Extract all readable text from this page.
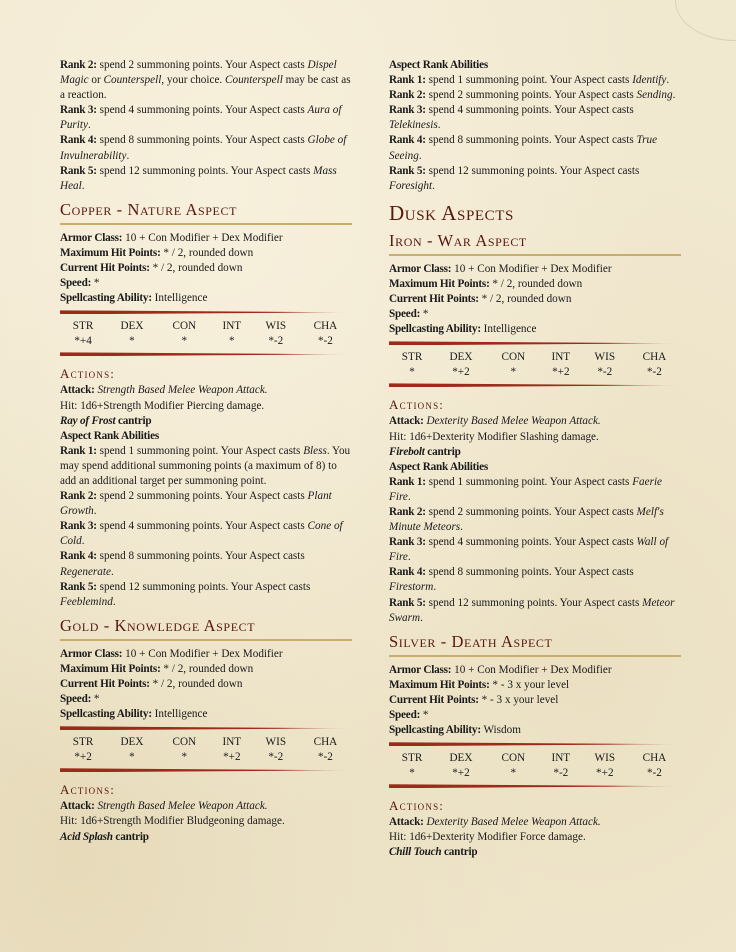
Rank 2: spend 2 summoning points. Your Aspect casts Dispel Magic or Counterspell, your choice. Counterspell may be cast as a reaction.

Rank 3: spend 4 summoning points. Your Aspect casts Aura of Purity.

Rank 4: spend 8 summoning points. Your Aspect casts Globe of Invulnerability.

Rank 5: spend 12 summoning points. Your Aspect casts Mass Heal.

Copper - Nature Aspect

Armor Class: 10 + Con Modifier + Dex Modifier

Maximum Hit Points: * / 2, rounded down

Current Hit Points: * / 2, rounded down

Speed: *

Spellcasting Ability: Intelligence

STR	DEX	CON	INT	WIS	CHA
*+4	*	*	*	*-2	*-2
Actions:

Attack: Strength Based Melee Weapon Attack.

Hit: 1d6+Strength Modifier Piercing damage.

Ray of Frost cantrip

Aspect Rank Abilities

Rank 1: spend 1 summoning point. Your Aspect casts Bless. You may spend additional summoning points (a maximum of 8) to add an additional target per summoning point.

Rank 2: spend 2 summoning points. Your Aspect casts Plant Growth.

Rank 3: spend 4 summoning points. Your Aspect casts Cone of Cold.

Rank 4: spend 8 summoning points. Your Aspect casts Regenerate.

Rank 5: spend 12 summoning points. Your Aspect casts Feeblemind.

Gold - Knowledge Aspect

Armor Class: 10 + Con Modifier + Dex Modifier

Maximum Hit Points: * / 2, rounded down

Current Hit Points: * / 2, rounded down

Speed: *

Spellcasting Ability: Intelligence

STR	DEX	CON	INT	WIS	CHA
*+2	*	*	*+2	*-2	*-2
Actions:

Attack: Strength Based Melee Weapon Attack.

Hit: 1d6+Strength Modifier Bludgeoning damage.

Acid Splash cantrip

Aspect Rank Abilities

Rank 1: spend 1 summoning point. Your Aspect casts Identify.

Rank 2: spend 2 summoning points. Your Aspect casts Sending.

Rank 3: spend 4 summoning points. Your Aspect casts Telekinesis.

Rank 4: spend 8 summoning points. Your Aspect casts True Seeing.

Rank 5: spend 12 summoning points. Your Aspect casts Foresight.

Dusk Aspects
Iron - War Aspect

Armor Class: 10 + Con Modifier + Dex Modifier

Maximum Hit Points: * / 2, rounded down

Current Hit Points: * / 2, rounded down

Speed: *

Spellcasting Ability: Intelligence

STR	DEX	CON	INT	WIS	CHA
*	*+2	*	*+2	*-2	*-2
Actions:

Attack: Dexterity Based Melee Weapon Attack.

Hit: 1d6+Dexterity Modifier Slashing damage.

Firebolt cantrip

Aspect Rank Abilities

Rank 1: spend 1 summoning point. Your Aspect casts Faerie Fire.

Rank 2: spend 2 summoning points. Your Aspect casts Melf's Minute Meteors.

Rank 3: spend 4 summoning points. Your Aspect casts Wall of Fire.

Rank 4: spend 8 summoning points. Your Aspect casts Firestorm.

Rank 5: spend 12 summoning points. Your Aspect casts Meteor Swarm.

Silver - Death Aspect

Armor Class: 10 + Con Modifier + Dex Modifier

Maximum Hit Points: * - 3 x your level

Current Hit Points: * - 3 x your level

Speed: *

Spellcasting Ability: Wisdom

STR	DEX	CON	INT	WIS	CHA
*	*+2	*	*-2	*+2	*-2
Actions:

Attack: Dexterity Based Melee Weapon Attack.

Hit: 1d6+Dexterity Modifier Force damage.

Chill Touch cantrip
